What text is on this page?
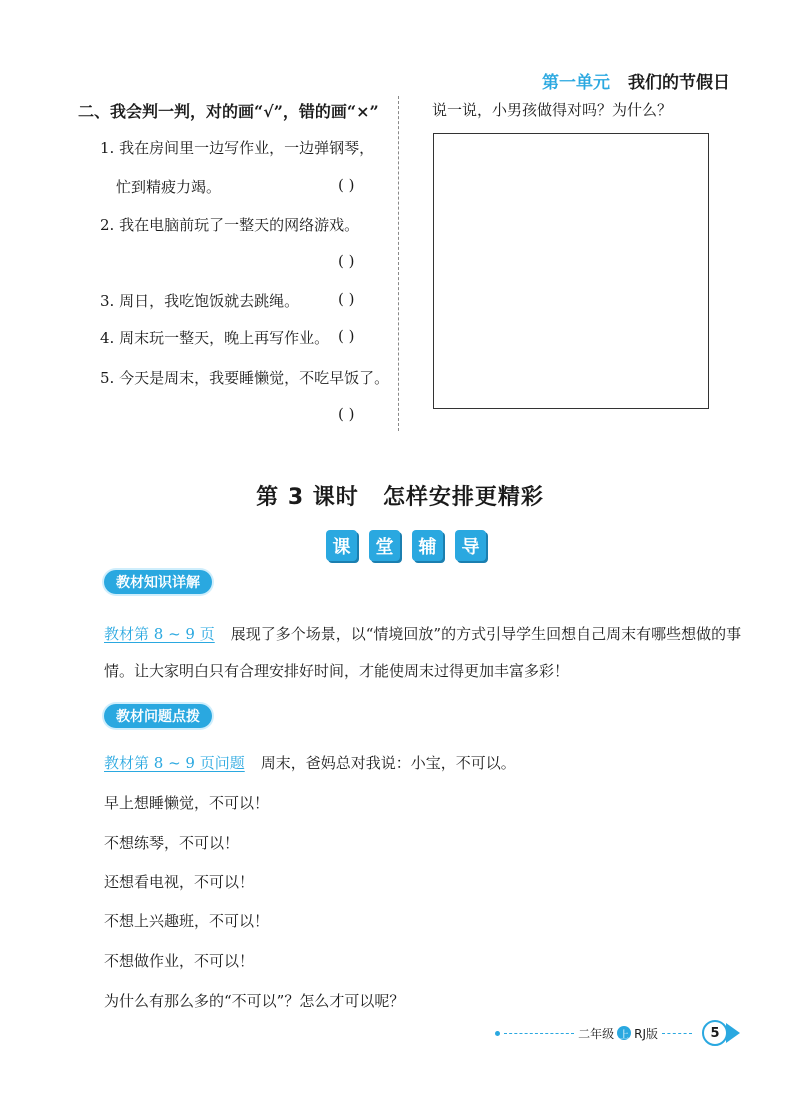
第一单元 我们的节假日
二、我会判一判，对的画“√”，错的画“×”
1. 我在房间里一边写作业，一边弹钢琴，
忙到精疲力竭。	( )
2. 我在电脑前玩了一整天的网络游戏。
( )
3. 周日，我吃饱饭就去跳绳。	( )
4. 周末玩一整天，晚上再写作业。 ( )
5. 今天是周末，我要睡懒觉，不吃早饭了。
( )
说一说，小男孩做得对吗？为什么？
第 3 课时 怎样安排更精彩
课	堂	辅	导
教材知识详解
教材第 8 ~ 9 页 展现了多个场景，以“情境回放”的方式引导学生回想自己周末有哪些想做的事
情。让大家明白只有合理安排好时间，才能使周末过得更加丰富多彩！
教材问题点拨
教材第 8 ~ 9 页问题 周末，爸妈总对我说：小宝，不可以。
早上想睡懒觉，不可以！
不想练琴，不可以！
还想看电视，不可以！
不想上兴趣班，不可以！
不想做作业，不可以！
为什么有那么多的“不可以”？怎么才可以呢？
二年级 上 RJ版	5
